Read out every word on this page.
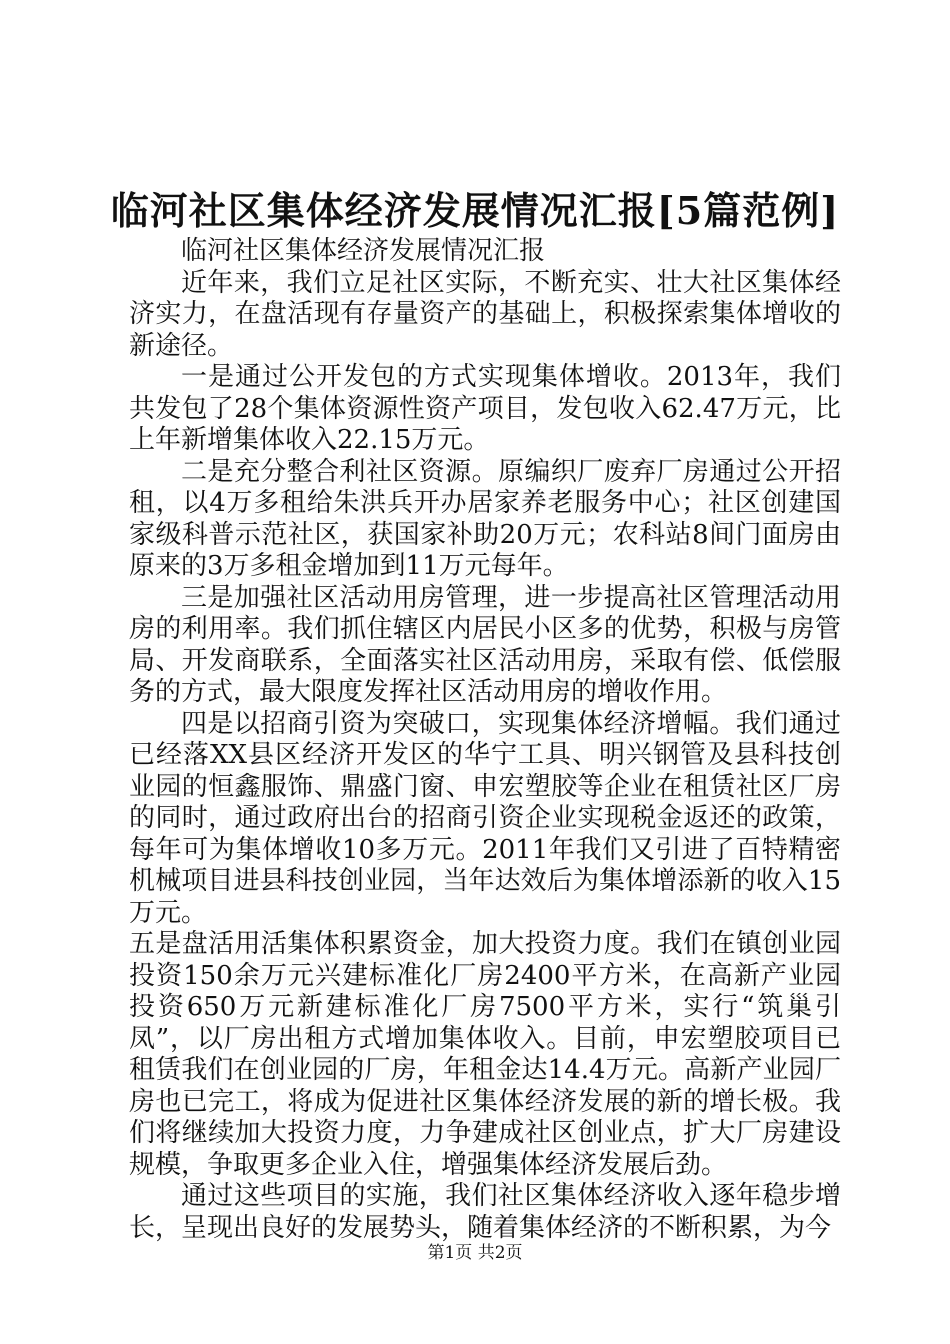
临河社区集体经济发展情况汇报[5篇范例]

临河社区集体经济发展情况汇报

近年来，我们立足社区实际，不断充实、壮大社区集体经济实力，在盘活现有存量资产的基础上，积极探索集体增收的新途径。

一是通过公开发包的方式实现集体增收。2013年，我们共发包了28个集体资源性资产项目，发包收入62.47万元，比上年新增集体收入22.15万元。

二是充分整合利社区资源。原编织厂废弃厂房通过公开招租，以4万多租给朱洪兵开办居家养老服务中心；社区创建国家级科普示范社区，获国家补助20万元；农科站8间门面房由原来的3万多租金增加到11万元每年。

三是加强社区活动用房管理，进一步提高社区管理活动用房的利用率。我们抓住辖区内居民小区多的优势，积极与房管局、开发商联系，全面落实社区活动用房，采取有偿、低偿服务的方式，最大限度发挥社区活动用房的增收作用。

四是以招商引资为突破口，实现集体经济增幅。我们通过已经落XX县区经济开发区的华宁工具、明兴钢管及县科技创业园的恒鑫服饰、鼎盛门窗、申宏塑胶等企业在租赁社区厂房的同时，通过政府出台的招商引资企业实现税金返还的政策，每年可为集体增收10多万元。2011年我们又引进了百特精密机械项目进县科技创业园，当年达效后为集体增添新的收入15万元。

五是盘活用活集体积累资金，加大投资力度。我们在镇创业园投资150余万元兴建标准化厂房2400平方米，在高新产业园投资650万元新建标准化厂房7500平方米，实行“筑巢引凤”，以厂房出租方式增加集体收入。目前，申宏塑胶项目已租赁我们在创业园的厂房，年租金达14.4万元。高新产业园厂房也已完工，将成为促进社区集体经济发展的新的增长极。我们将继续加大投资力度，力争建成社区创业点，扩大厂房建设规模，争取更多企业入住，增强集体经济发展后劲。

通过这些项目的实施，我们社区集体经济收入逐年稳步增长，呈现出良好的发展势头，随着集体经济的不断积累，为今

第1页 共2页
